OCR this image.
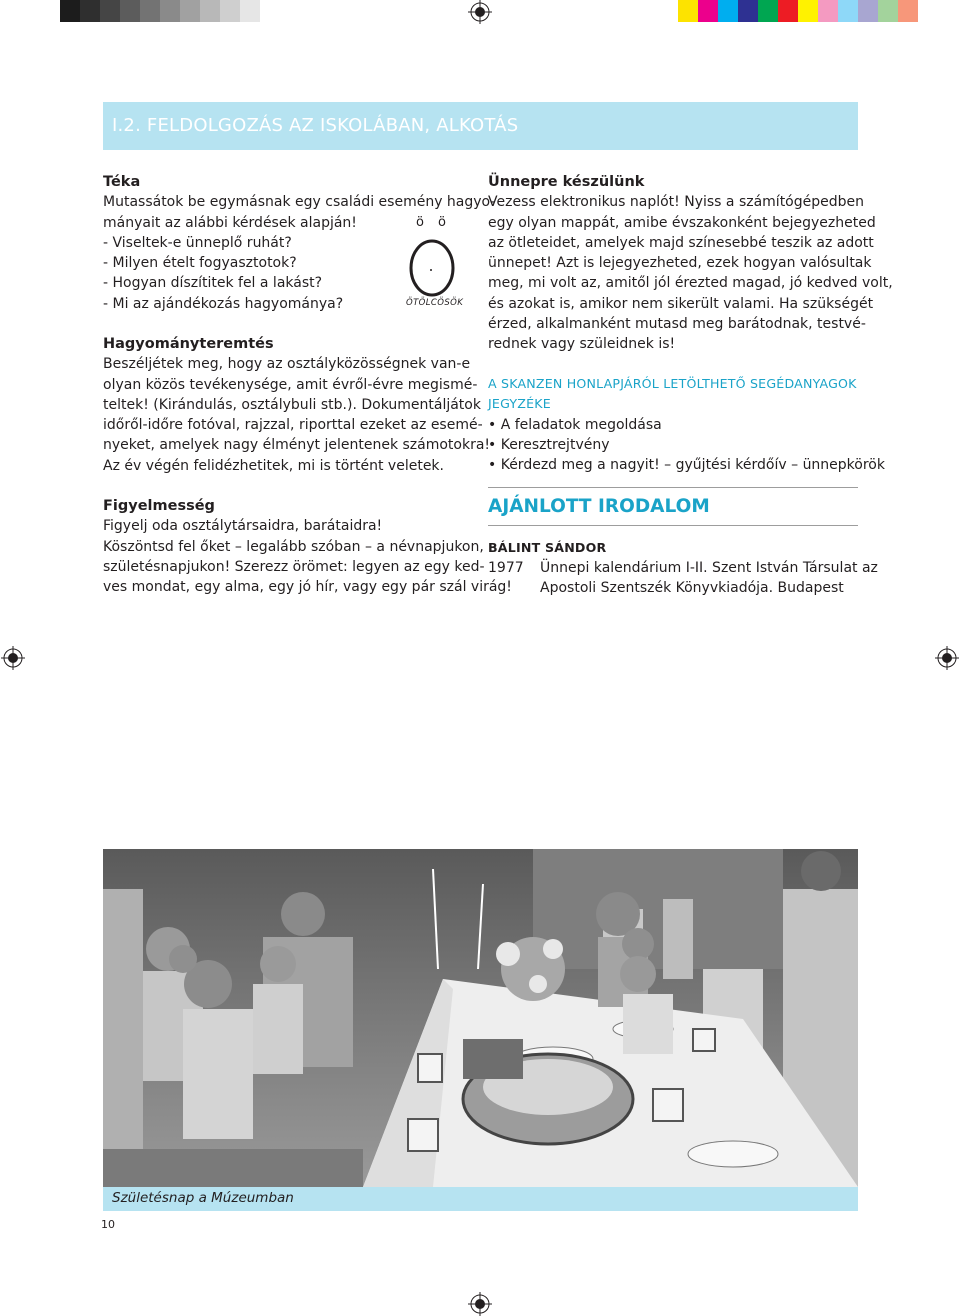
I.2. FELDOLGOZÁS AZ ISKOLÁBAN, ALKOTÁS
Téka
Mutassátok be egymásnak egy családi esemény hagyo-
mányait az alábbi kérdések alapján!
- Viseltek-e ünneplő ruhát?
- Milyen ételt fogyasztotok?
- Hogyan díszítitek fel a lakást?
- Mi az ajándékozás hagyománya?
ö ö
ÖTÖLCÖSÖK
Hagyományteremtés
Beszéljétek meg, hogy az osztályközösségnek van-e
olyan közös tevékenysége, amit évről-évre megismé-
teltek! (Kirándulás, osztálybuli stb.). Dokumentáljátok
időről-időre fotóval, rajzzal, riporttal ezeket az esemé-
nyeket, amelyek nagy élményt jelentenek számotokra!
Az év végén felidézhetitek, mi is történt veletek.
Figyelmesség
Figyelj oda osztálytársaidra, barátaidra!
Köszöntsd fel őket – legalább szóban – a névnapjukon,
születésnapjukon! Szerezz örömet: legyen az egy ked-
ves mondat, egy alma, egy jó hír, vagy egy pár szál virág!
Ünnepre készülünk
Vezess elektronikus naplót! Nyiss a számítógépedben
egy olyan mappát, amibe évszakonként bejegyezheted
az ötleteidet, amelyek majd színesebbé teszik az adott
ünnepet! Azt is lejegyezheted, ezek hogyan valósultak
meg, mi volt az, amitől jól érezted magad, jó kedved volt,
és azokat is, amikor nem sikerült valami. Ha szükségét
érzed, alkalmanként mutasd meg barátodnak, testvé-
rednek vagy szüleidnek is!
A SKANZEN HONLAPJÁRÓL LETÖLTHETŐ SEGÉDANYAGOK
JEGYZÉKE
• A feladatok megoldása
• Keresztrejtvény
• Kérdezd meg a nagyit! – gyűjtési kérdőív – ünnepkörök
AJÁNLOTT IRODALOM
BÁLINT SÁNDOR
1977 Ünnepi kalendárium I-II. Szent István Társulat az
Apostoli Szentszék Könyvkiadója. Budapest
Születésnap a Múzeumban
10
